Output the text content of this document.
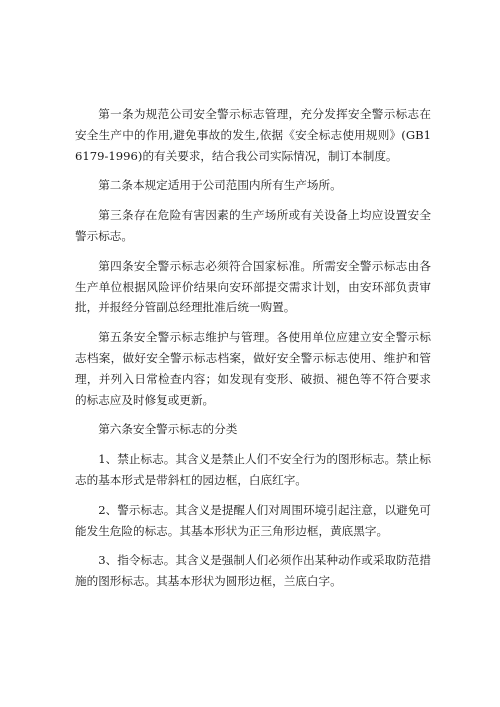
第一条为规范公司安全警示标志管理，充分发挥安全警示标志在安全生产中的作用,避免事故的发生,依据《安全标志使用规则》(GB16179-1996)的有关要求，结合我公司实际情况，制订本制度。

第二条本规定适用于公司范围内所有生产场所。

第三条存在危险有害因素的生产场所或有关设备上均应设置安全警示标志。

第四条安全警示标志必须符合国家标准。所需安全警示标志由各生产单位根据风险评价结果向安环部提交需求计划，由安环部负责审批，并报经分管副总经理批准后统一购置。

第五条安全警示标志维护与管理。各使用单位应建立安全警示标志档案，做好安全警示标志档案，做好安全警示标志使用、维护和管理，并列入日常检查内容；如发现有变形、破损、褪色等不符合要求的标志应及时修复或更新。

第六条安全警示标志的分类

1、禁止标志。其含义是禁止人们不安全行为的图形标志。禁止标志的基本形式是带斜杠的园边框，白底红字。

2、警示标志。其含义是提醒人们对周围环境引起注意，以避免可能发生危险的标志。其基本形状为正三角形边框，黄底黑字。

3、指令标志。其含义是强制人们必须作出某种动作或采取防范措施的图形标志。其基本形状为圆形边框，兰底白字。
